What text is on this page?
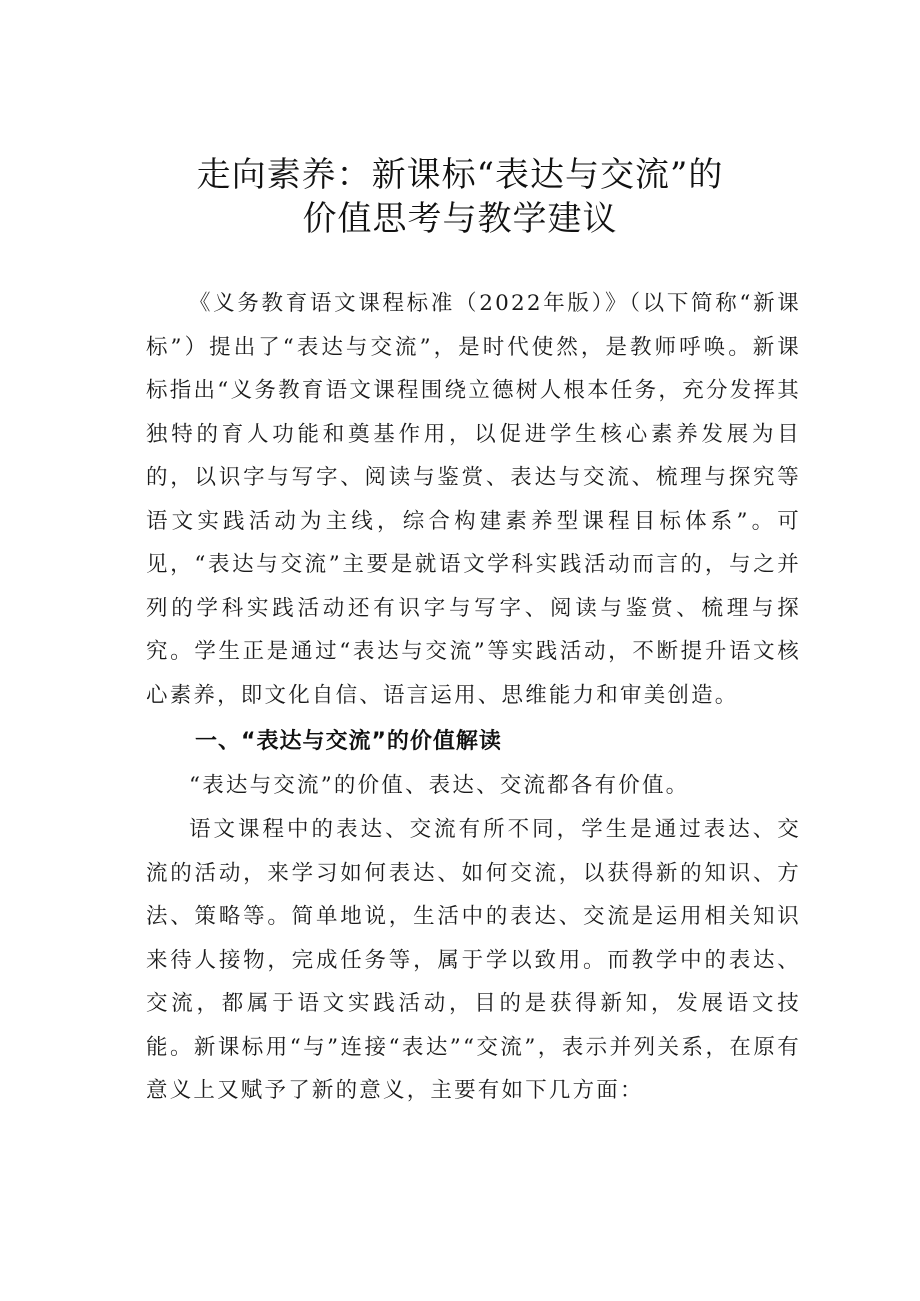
走向素养：新课标“表达与交流”的
价值思考与教学建议

《义务教育语文课程标准（2022年版）》（以下简称“新课标”）提出了“表达与交流”，是时代使然，是教师呼唤。新课标指出“义务教育语文课程围绕立德树人根本任务，充分发挥其独特的育人功能和奠基作用，以促进学生核心素养发展为目的，以识字与写字、阅读与鉴赏、表达与交流、梳理与探究等语文实践活动为主线，综合构建素养型课程目标体系”。可见，“表达与交流”主要是就语文学科实践活动而言的，与之并列的学科实践活动还有识字与写字、阅读与鉴赏、梳理与探究。学生正是通过“表达与交流”等实践活动，不断提升语文核心素养，即文化自信、语言运用、思维能力和审美创造。

一、“表达与交流”的价值解读

“表达与交流”的价值、表达、交流都各有价值。

语文课程中的表达、交流有所不同，学生是通过表达、交流的活动，来学习如何表达、如何交流，以获得新的知识、方法、策略等。简单地说，生活中的表达、交流是运用相关知识来待人接物，完成任务等，属于学以致用。而教学中的表达、交流，都属于语文实践活动，目的是获得新知，发展语文技能。新课标用“与”连接“表达”“交流”，表示并列关系，在原有意义上又赋予了新的意义，主要有如下几方面：
